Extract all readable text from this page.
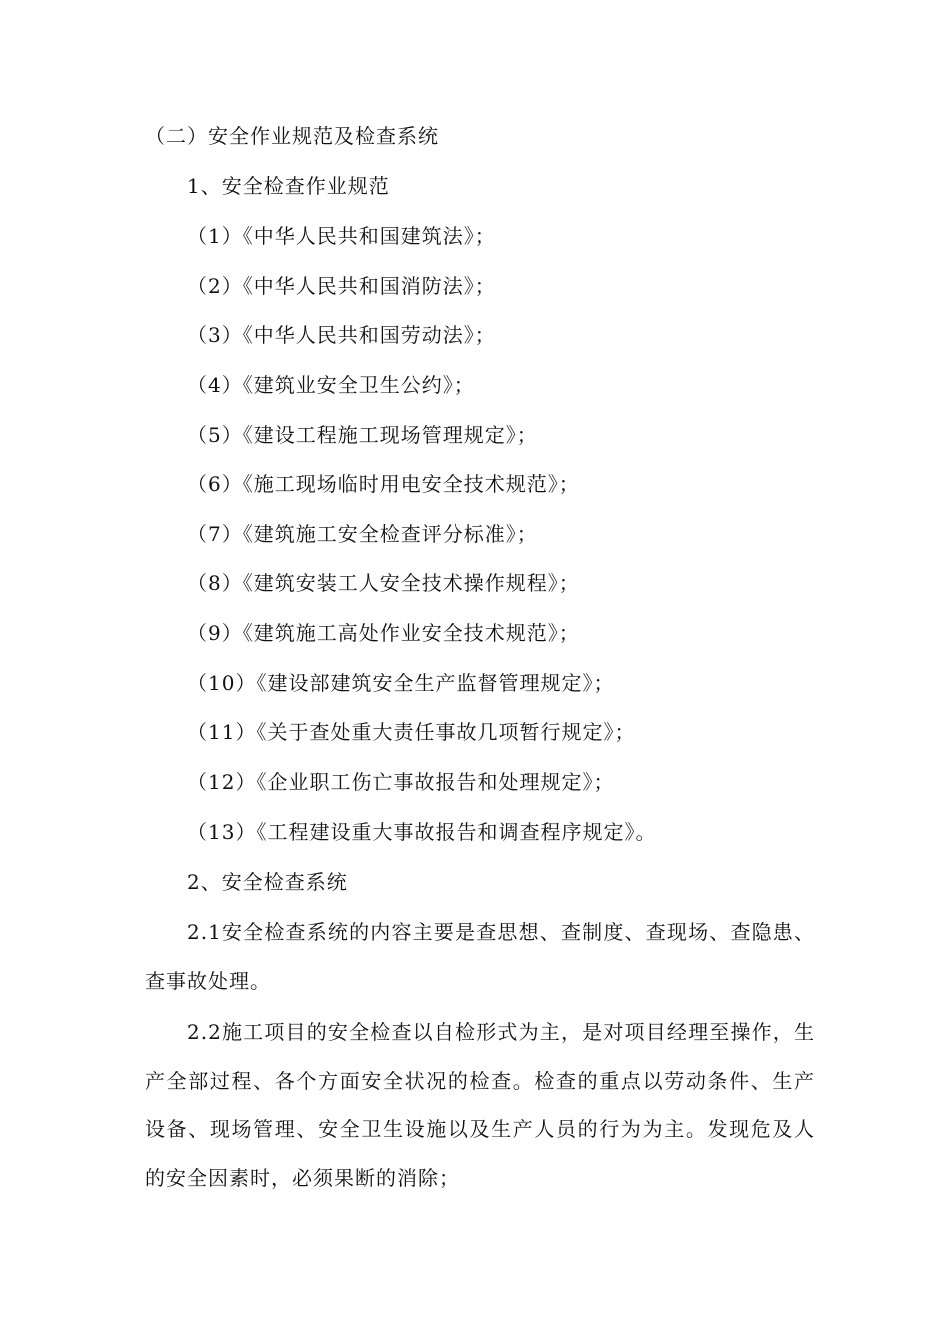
（二）安全作业规范及检查系统
1、安全检查作业规范
（1）《中华人民共和国建筑法》；
（2）《中华人民共和国消防法》；
（3）《中华人民共和国劳动法》；
（4）《建筑业安全卫生公约》；
（5）《建设工程施工现场管理规定》；
（6）《施工现场临时用电安全技术规范》；
（7）《建筑施工安全检查评分标准》；
（8）《建筑安装工人安全技术操作规程》；
（9）《建筑施工高处作业安全技术规范》；
（10）《建设部建筑安全生产监督管理规定》；
（11）《关于查处重大责任事故几项暂行规定》；
（12）《企业职工伤亡事故报告和处理规定》；
（13）《工程建设重大事故报告和调查程序规定》。
2、安全检查系统
2.1安全检查系统的内容主要是查思想、查制度、查现场、查隐患、查事故处理。
2.2施工项目的安全检查以自检形式为主，是对项目经理至操作，生产全部过程、各个方面安全状况的检查。检查的重点以劳动条件、生产设备、现场管理、安全卫生设施以及生产人员的行为为主。发现危及人的安全因素时，必须果断的消除；
